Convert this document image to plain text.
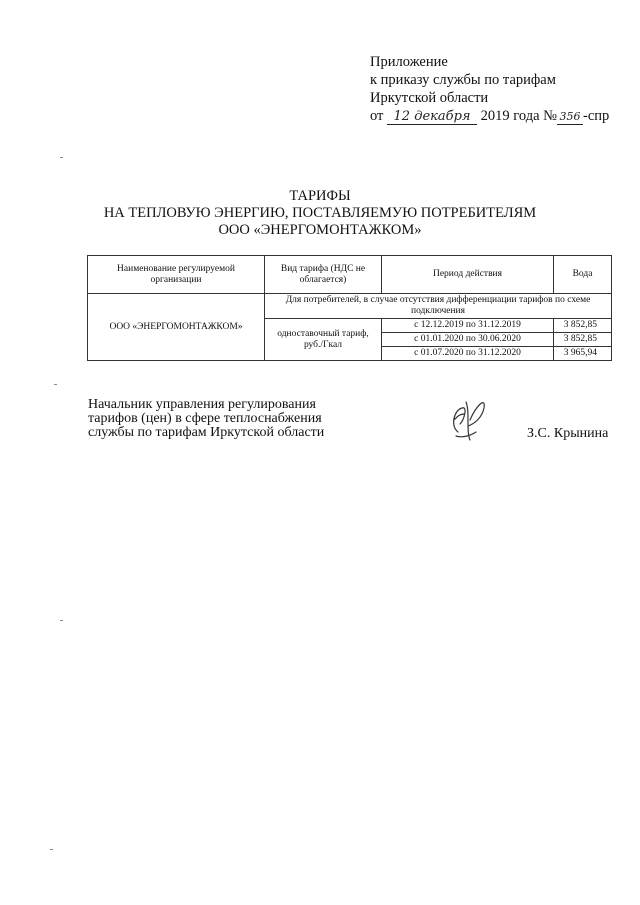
Приложение
к приказу службы по тарифам
Иркутской области
от 12 декабря 2019 года № 356 -спр
ТАРИФЫ
НА ТЕПЛОВУЮ ЭНЕРГИЮ, ПОСТАВЛЯЕМУЮ ПОТРЕБИТЕЛЯМ
ООО «ЭНЕРГОМОНТАЖКОМ»
Наименование регулируемой организации	Вид тарифа (НДС не облагается)	Период действия	Вода
ООО «ЭНЕРГОМОНТАЖКОМ»	Для потребителей, в случае отсутствия дифференциации тарифов по схеме подключения		
	одноставочный тариф, руб./Гкал	с 12.12.2019 по 31.12.2019	3 852,85
		с 01.01.2020 по 30.06.2020	3 852,85
		с 01.07.2020 по 31.12.2020	3 965,94
Начальник управления регулирования
тарифов (цен) в сфере теплоснабжения
службы по тарифам Иркутской области	З.С. Крынина
